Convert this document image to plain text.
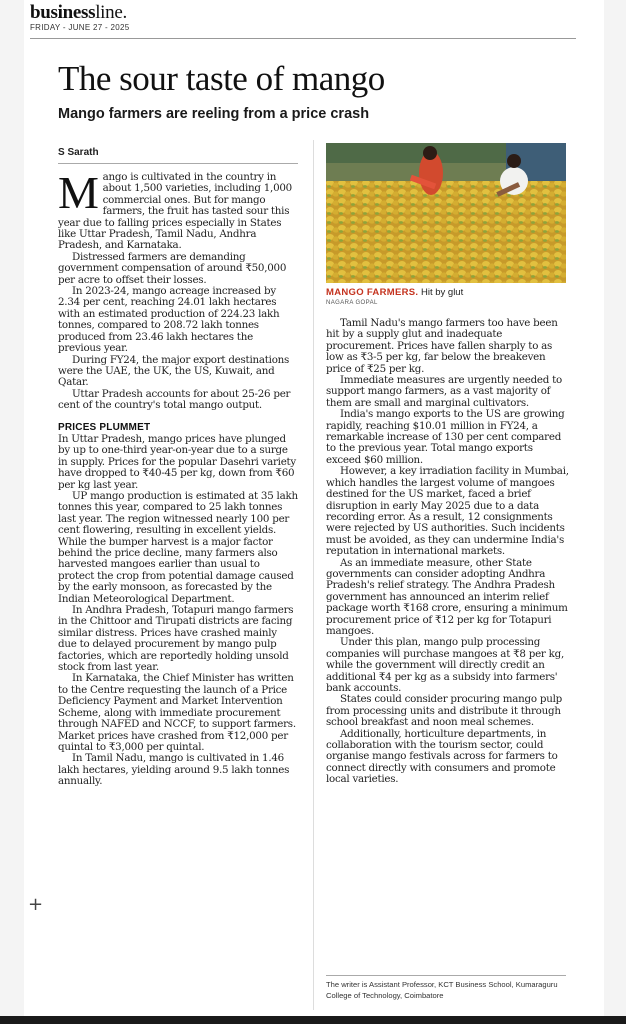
businessline.
FRIDAY - JUNE 27 - 2025
The sour taste of mango
Mango farmers are reeling from a price crash
S Sarath

Mango is cultivated in the country in about 1,500 varieties, including 1,000 commercial ones. But for mango farmers, the fruit has tasted sour this year due to falling prices especially in States like Uttar Pradesh, Tamil Nadu, Andhra Pradesh, and Karnataka.

Distressed farmers are demanding government compensation of around ₹50,000 per acre to offset their losses.

In 2023-24, mango acreage increased by 2.34 per cent, reaching 24.01 lakh hectares with an estimated production of 224.23 lakh tonnes, compared to 208.72 lakh tonnes produced from 23.46 lakh hectares the previous year.

During FY24, the major export destinations were the UAE, the UK, the US, Kuwait, and Qatar.

Uttar Pradesh accounts for about 25-26 per cent of the country's total mango output.

PRICES PLUMMET

In Uttar Pradesh, mango prices have plunged by up to one-third year-on-year due to a surge in supply. Prices for the popular Dasehri variety have dropped to ₹40-45 per kg, down from ₹60 per kg last year.

UP mango production is estimated at 35 lakh tonnes this year, compared to 25 lakh tonnes last year. The region witnessed nearly 100 per cent flowering, resulting in excellent yields. While the bumper harvest is a major factor behind the price decline, many farmers also harvested mangoes earlier than usual to protect the crop from potential damage caused by the early monsoon, as forecasted by the Indian Meteorological Department.

In Andhra Pradesh, Totapuri mango farmers in the Chittoor and Tirupati districts are facing similar distress. Prices have crashed mainly due to delayed procurement by mango pulp factories, which are reportedly holding unsold stock from last year.

In Karnataka, the Chief Minister has written to the Centre requesting the launch of a Price Deficiency Payment and Market Intervention Scheme, along with immediate procurement through NAFED and NCCF, to support farmers. Market prices have crashed from ₹12,000 per quintal to ₹3,000 per quintal.

In Tamil Nadu, mango is cultivated in 1.46 lakh hectares, yielding around 9.5 lakh tonnes annually.

MANGO FARMERS. Hit by glut
NAGARA GOPAL

Tamil Nadu's mango farmers too have been hit by a supply glut and inadequate procurement. Prices have fallen sharply to as low as ₹3-5 per kg, far below the breakeven price of ₹25 per kg.

Immediate measures are urgently needed to support mango farmers, as a vast majority of them are small and marginal cultivators.

India's mango exports to the US are growing rapidly, reaching $10.01 million in FY24, a remarkable increase of 130 per cent compared to the previous year. Total mango exports exceed $60 million.

However, a key irradiation facility in Mumbai, which handles the largest volume of mangoes destined for the US market, faced a brief disruption in early May 2025 due to a data recording error. As a result, 12 consignments were rejected by US authorities. Such incidents must be avoided, as they can undermine India's reputation in international markets.

As an immediate measure, other State governments can consider adopting Andhra Pradesh's relief strategy. The Andhra Pradesh government has announced an interim relief package worth ₹168 crore, ensuring a minimum procurement price of ₹12 per kg for Totapuri mangoes.

Under this plan, mango pulp processing companies will purchase mangoes at ₹8 per kg, while the government will directly credit an additional ₹4 per kg as a subsidy into farmers' bank accounts.

States could consider procuring mango pulp from processing units and distribute it through school breakfast and noon meal schemes.

Additionally, horticulture departments, in collaboration with the tourism sector, could organise mango festivals across for farmers to connect directly with consumers and promote local varieties.

The writer is Assistant Professor, KCT Business School, Kumaraguru College of Technology, Coimbatore
+
